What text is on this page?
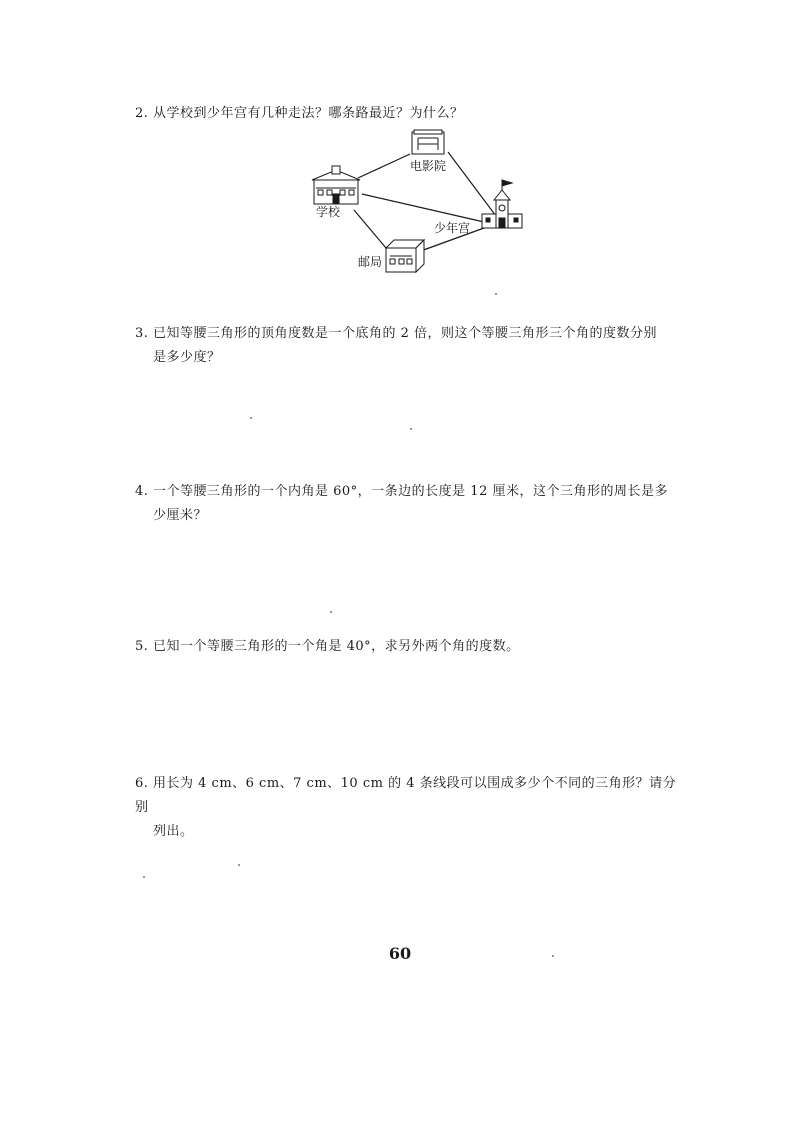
2. 从学校到少年宫有几种走法？哪条路最近？为什么？
学校
电影院
少年宫
邮局
3. 已知等腰三角形的顶角度数是一个底角的 2 倍，则这个等腰三角形三个角的度数分别
是多少度？
4. 一个等腰三角形的一个内角是 60°，一条边的长度是 12 厘米，这个三角形的周长是多
少厘米？
5. 已知一个等腰三角形的一个角是 40°，求另外两个角的度数。
6. 用长为 4 cm、6 cm、7 cm、10 cm 的 4 条线段可以围成多少个不同的三角形？请分别
列出。
60
